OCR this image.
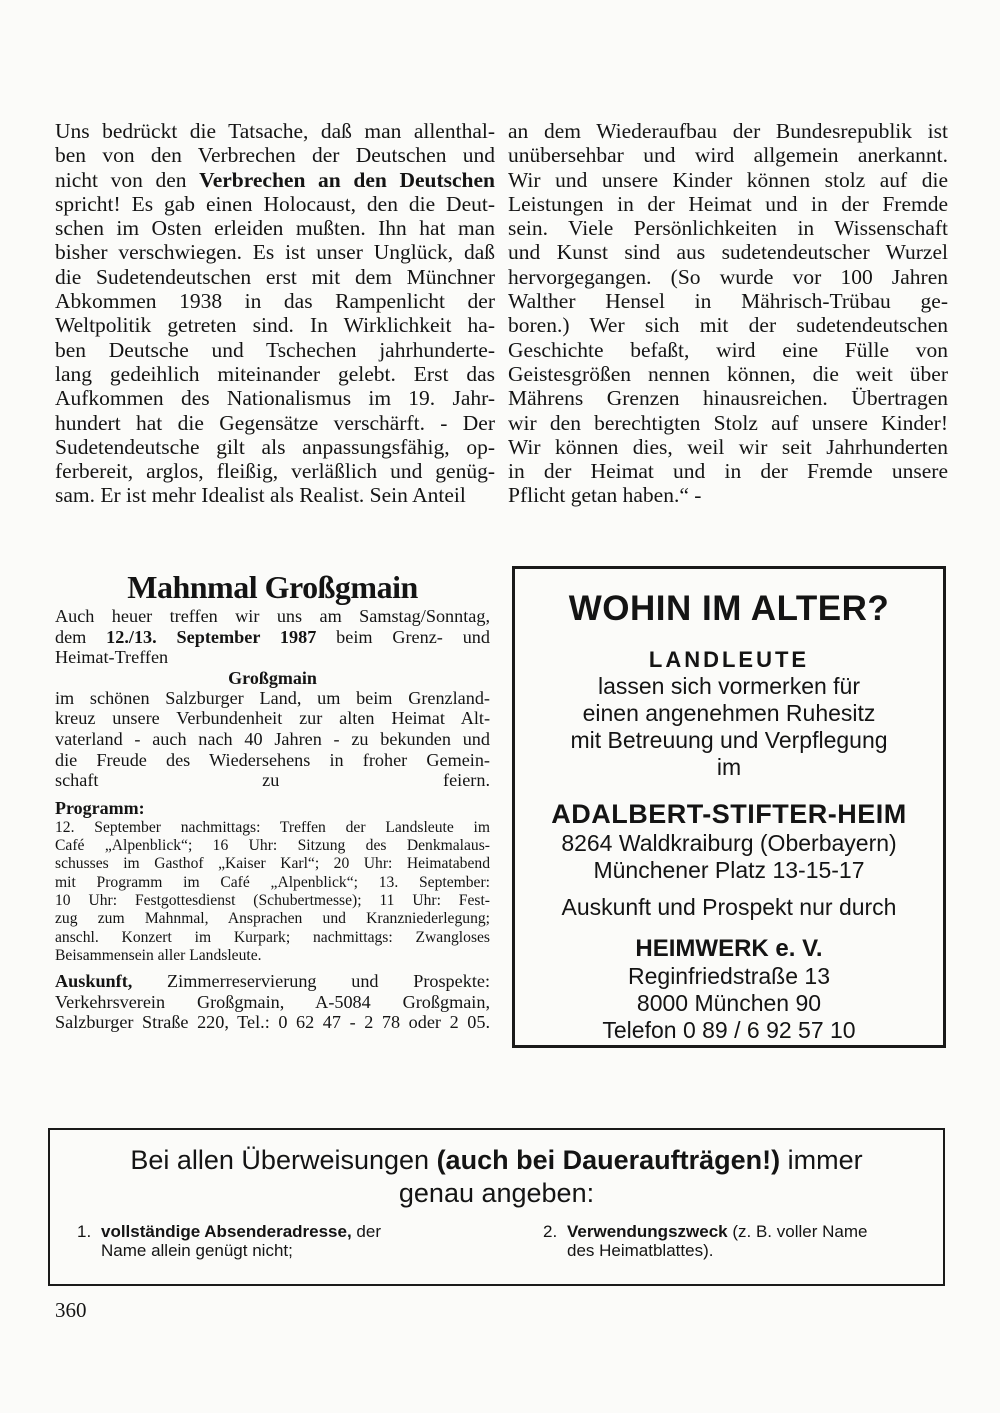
Uns bedrückt die Tatsache, daß man allenthal-
ben von den Verbrechen der Deutschen und
nicht von den Verbrechen an den Deutschen
spricht! Es gab einen Holocaust, den die Deut-
schen im Osten erleiden mußten. Ihn hat man
bisher verschwiegen. Es ist unser Unglück, daß
die Sudetendeutschen erst mit dem Münchner
Abkommen 1938 in das Rampenlicht der
Weltpolitik getreten sind. In Wirklichkeit ha-
ben Deutsche und Tschechen jahrhunderte-
lang gedeihlich miteinander gelebt. Erst das
Aufkommen des Nationalismus im 19. Jahr-
hundert hat die Gegensätze verschärft. - Der
Sudetendeutsche gilt als anpassungsfähig, op-
ferbereit, arglos, fleißig, verläßlich und genüg-
sam. Er ist mehr Idealist als Realist. Sein Anteil
an dem Wiederaufbau der Bundesrepublik ist
unübersehbar und wird allgemein anerkannt.
Wir und unsere Kinder können stolz auf die
Leistungen in der Heimat und in der Fremde
sein. Viele Persönlichkeiten in Wissenschaft
und Kunst sind aus sudetendeutscher Wurzel
hervorgegangen. (So wurde vor 100 Jahren
Walther Hensel in Mährisch-Trübau ge-
boren.) Wer sich mit der sudetendeutschen
Geschichte befaßt, wird eine Fülle von
Geistesgrößen nennen können, die weit über
Mährens Grenzen hinausreichen. Übertragen
wir den berechtigten Stolz auf unsere Kinder!
Wir können dies, weil wir seit Jahrhunderten
in der Heimat und in der Fremde unsere
Pflicht getan haben.“ -
Mahnmal Großgmain
Auch heuer treffen wir uns am Samstag/Sonntag,
dem 12./13. September 1987 beim Grenz- und
Heimat-Treffen
Großgmain
im schönen Salzburger Land, um beim Grenzland-
kreuz unsere Verbundenheit zur alten Heimat Alt-
vaterland - auch nach 40 Jahren - zu bekunden und
die Freude des Wiedersehens in froher Gemein-
schaft zu feiern.
Programm:
12. September nachmittags: Treffen der Landsleute im
Café „Alpenblick“; 16 Uhr: Sitzung des Denkmalaus-
schusses im Gasthof „Kaiser Karl“; 20 Uhr: Heimatabend
mit Programm im Café „Alpenblick“; 13. September:
10 Uhr: Festgottesdienst (Schubertmesse); 11 Uhr: Fest-
zug zum Mahnmal, Ansprachen und Kranzniederlegung;
anschl. Konzert im Kurpark; nachmittags: Zwangloses
Beisammensein aller Landsleute.
Auskunft, Zimmerreservierung und Prospekte:
Verkehrsverein Großgmain, A-5084 Großgmain,
Salzburger Straße 220, Tel.: 0 62 47 - 2 78 oder 2 05.
WOHIN IM ALTER?
LANDLEUTE
lassen sich vormerken für
einen angenehmen Ruhesitz
mit Betreuung und Verpflegung
im
ADALBERT-STIFTER-HEIM
8264 Waldkraiburg (Oberbayern)
Münchener Platz 13-15-17
Auskunft und Prospekt nur durch
HEIMWERK e. V.
Reginfriedstraße 13
8000 München 90
Telefon 0 89 / 6 92 57 10
Bei allen Überweisungen (auch bei Daueraufträgen!) immer
genau angeben:
1. vollständige Absenderadresse, der
Name allein genügt nicht;
2. Verwendungszweck (z. B. voller Name
des Heimatblattes).
360
